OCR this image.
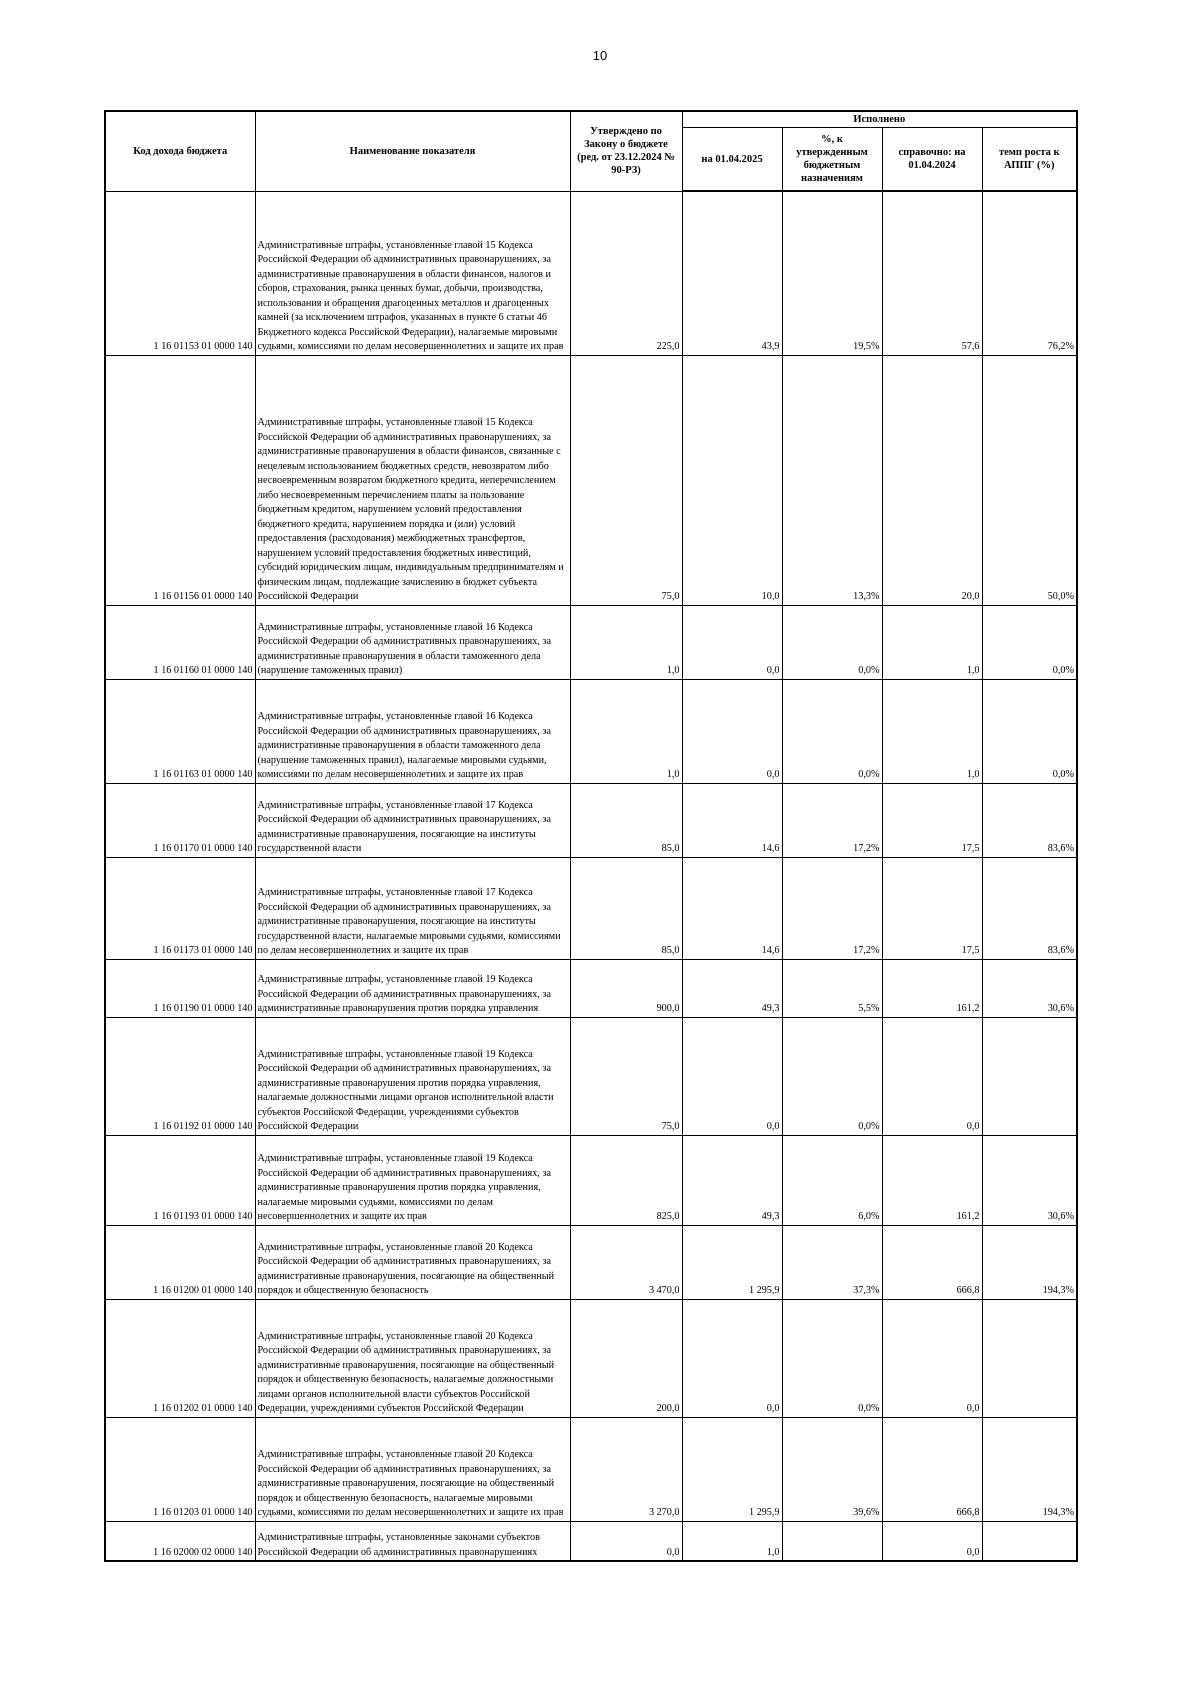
10
Код дохода бюджета	Наименование показателя	Утверждено по Закону о бюджете (ред. от 23.12.2024 № 90-РЗ)	Исполнено			
			на 01.04.2025	%, к утвержденным бюджетным назначениям	справочно: на 01.04.2024	темп роста к АППГ (%)
1 16 01153 01 0000 140	Административные штрафы, установленные главой 15 Кодекса Российской Федерации об административных правонарушениях, за административные правонарушения в области финансов, налогов и сборов, страхования, рынка ценных бумаг, добычи, производства, использования и обращения драгоценных металлов и драгоценных камней (за исключением штрафов, указанных в пункте 6 статьи 46 Бюджетного кодекса Российской Федерации), налагаемые мировыми судьями, комиссиями по делам несовершеннолетних и защите их прав	225,0	43,9	19,5%	57,6	76,2%
1 16 01156 01 0000 140	Административные штрафы, установленные главой 15 Кодекса Российской Федерации об административных правонарушениях, за административные правонарушения в области финансов, связанные с нецелевым использованием бюджетных средств, невозвратом либо несвоевременным возвратом бюджетного кредита, неперечислением либо несвоевременным перечислением платы за пользование бюджетным кредитом, нарушением условий предоставления бюджетного кредита, нарушением порядка и (или) условий предоставления (расходования) межбюджетных трансфертов, нарушением условий предоставления бюджетных инвестиций, субсидий юридическим лицам, индивидуальным предпринимателям и физическим лицам, подлежащие зачислению в бюджет субъекта Российской Федерации	75,0	10,0	13,3%	20,0	50,0%
1 16 01160 01 0000 140	Административные штрафы, установленные главой 16 Кодекса Российской Федерации об административных правонарушениях, за административные правонарушения в области таможенного дела (нарушение таможенных правил)	1,0	0,0	0,0%	1,0	0,0%
1 16 01163 01 0000 140	Административные штрафы, установленные главой 16 Кодекса Российской Федерации об административных правонарушениях, за административные правонарушения в области таможенного дела (нарушение таможенных правил), налагаемые мировыми судьями, комиссиями по делам несовершеннолетних и защите их прав	1,0	0,0	0,0%	1,0	0,0%
1 16 01170 01 0000 140	Административные штрафы, установленные главой 17 Кодекса Российской Федерации об административных правонарушениях, за административные правонарушения, посягающие на институты государственной власти	85,0	14,6	17,2%	17,5	83,6%
1 16 01173 01 0000 140	Административные штрафы, установленные главой 17 Кодекса Российской Федерации об административных правонарушениях, за административные правонарушения, посягающие на институты государственной власти, налагаемые мировыми судьями, комиссиями по делам несовершеннолетних и защите их прав	85,0	14,6	17,2%	17,5	83,6%
1 16 01190 01 0000 140	Административные штрафы, установленные главой 19 Кодекса Российской Федерации об административных правонарушениях, за административные правонарушения против порядка управления	900,0	49,3	5,5%	161,2	30,6%
1 16 01192 01 0000 140	Административные штрафы, установленные главой 19 Кодекса Российской Федерации об административных правонарушениях, за административные правонарушения против порядка управления, налагаемые должностными лицами органов исполнительной власти субъектов Российской Федерации, учреждениями субъектов Российской Федерации	75,0	0,0	0,0%	0,0	
1 16 01193 01 0000 140	Административные штрафы, установленные главой 19 Кодекса Российской Федерации об административных правонарушениях, за административные правонарушения против порядка управления, налагаемые мировыми судьями, комиссиями по делам несовершеннолетних и защите их прав	825,0	49,3	6,0%	161,2	30,6%
1 16 01200 01 0000 140	Административные штрафы, установленные главой 20 Кодекса Российской Федерации об административных правонарушениях, за административные правонарушения, посягающие на общественный порядок и общественную безопасность	3 470,0	1 295,9	37,3%	666,8	194,3%
1 16 01202 01 0000 140	Административные штрафы, установленные главой 20 Кодекса Российской Федерации об административных правонарушениях, за административные правонарушения, посягающие на общественный порядок и общественную безопасность, налагаемые должностными лицами органов исполнительной власти субъектов Российской Федерации, учреждениями субъектов Российской Федерации	200,0	0,0	0,0%	0,0	
1 16 01203 01 0000 140	Административные штрафы, установленные главой 20 Кодекса Российской Федерации об административных правонарушениях, за административные правонарушения, посягающие на общественный порядок и общественную безопасность, налагаемые мировыми судьями, комиссиями по делам несовершеннолетних и защите их прав	3 270,0	1 295,9	39,6%	666,8	194,3%
1 16 02000 02 0000 140	Административные штрафы, установленные законами субъектов Российской Федерации об административных правонарушениях	0,0	1,0		0,0	
